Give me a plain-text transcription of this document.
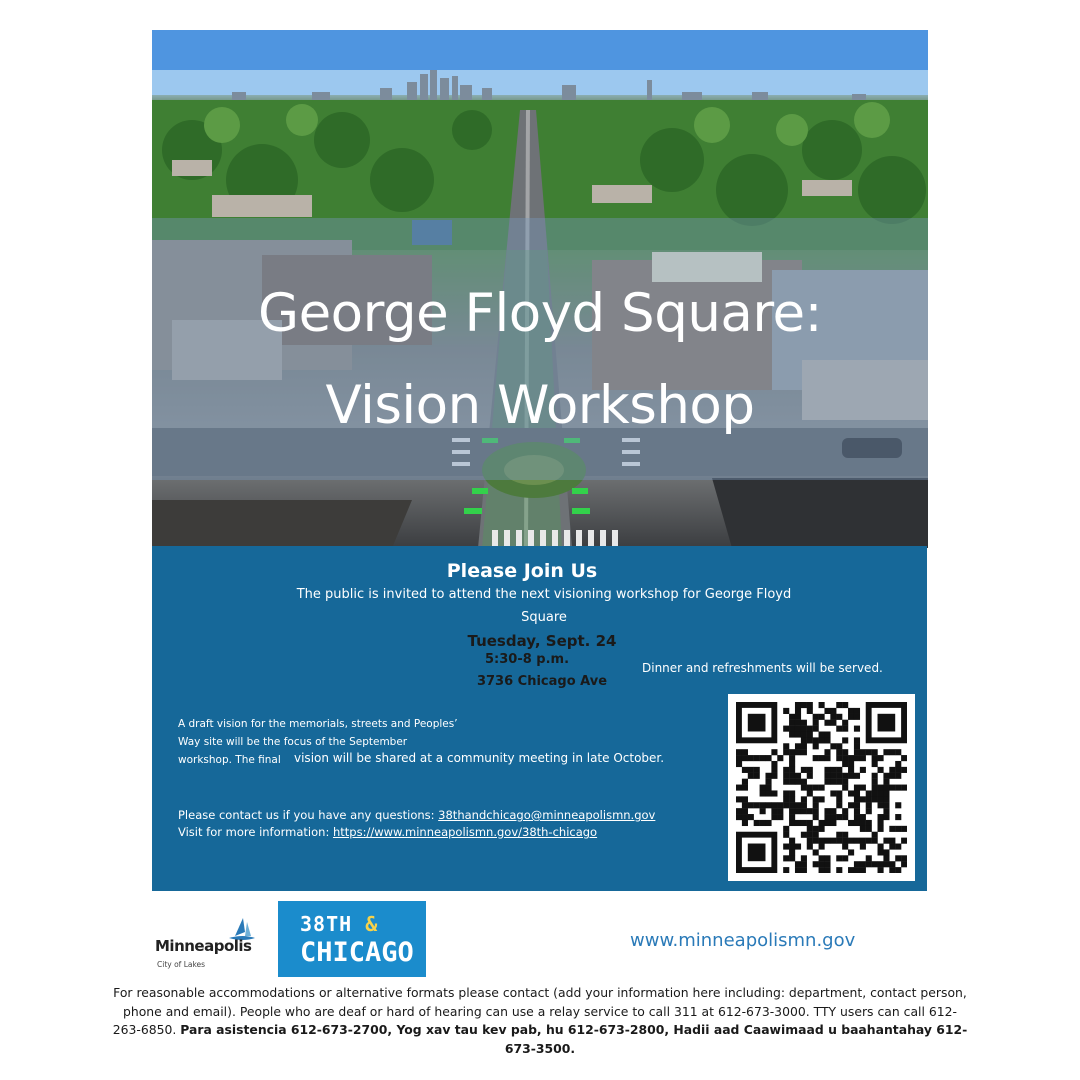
George Floyd Square:
Vision Workshop
Please Join Us
The public is invited to attend the next visioning workshop for George Floyd Square
Tuesday, Sept. 24
5:30-8 p.m.
3736 Chicago Ave
Dinner and refreshments will be served.
A draft vision for the memorials, streets and Peoples’
Way site will be the focus of the September
workshop. The final vision will be shared at a community meeting in late October.
Please contact us if you have any questions: 38thandchicago@minneapolismn.gov
Visit for more information: https://www.minneapolismn.gov/38th-chicago
Minneapolis
City of Lakes
38TH &
CHICAGO	www.minneapolismn.gov
For reasonable accommodations or alternative formats please contact (add your information here including: department, contact person, phone and email). People who are deaf or hard of hearing can use a relay service to call 311 at 612-673-3000. TTY users can call 612-263-6850. Para asistencia 612-673-2700, Yog xav tau kev pab, hu 612-673-2800, Hadii aad Caawimaad u baahantahay 612-673-3500.
